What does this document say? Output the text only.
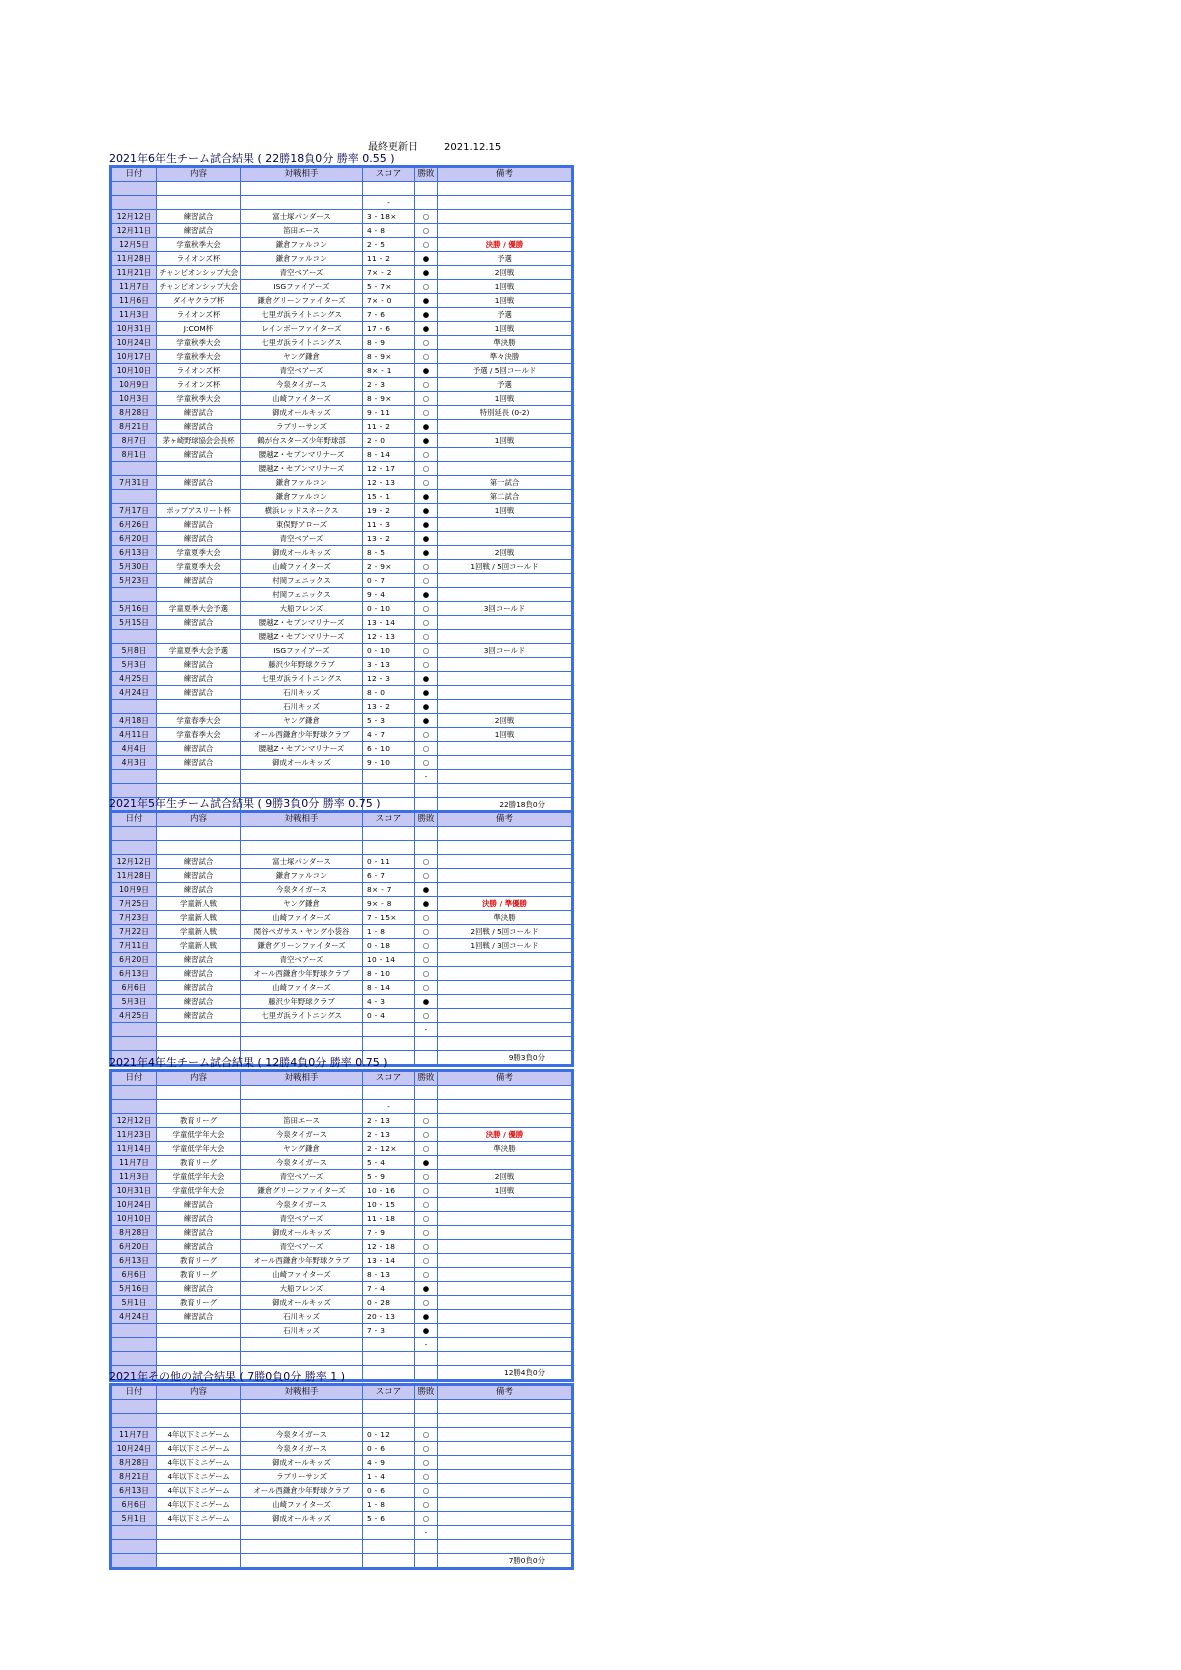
最終更新日	2021.12.15
2021年6年生チーム試合結果 ( 22勝18負0分 勝率 0.55 )
日付	内容	対戦相手	スコア	勝敗	備考

			-		
12月12日	練習試合	富士塚パンダース	3 - 18×	○	
12月11日	練習試合	笛田エース	4 - 8	○	
12月5日	学童秋季大会	鎌倉ファルコン	2 - 5	○	決勝 / 優勝
11月28日	ライオンズ杯	鎌倉ファルコン	11 - 2	●	予選
11月21日	チャンピオンシップ大会	青空ベアーズ	7× - 2	●	2回戦
11月7日	チャンピオンシップ大会	ISGファイアーズ	5 - 7×	○	1回戦
11月6日	ダイヤクラブ杯	鎌倉グリーンファイターズ	7× - 0	●	1回戦
11月3日	ライオンズ杯	七里ガ浜ライトニングス	7 - 6	●	予選
10月31日	J:COM杯	レインボーファイターズ	17 - 6	●	1回戦
10月24日	学童秋季大会	七里ガ浜ライトニングス	8 - 9	○	準決勝
10月17日	学童秋季大会	ヤング鎌倉	8 - 9×	○	準々決勝
10月10日	ライオンズ杯	青空ベアーズ	8× - 1	●	予選 / 5回コールド
10月9日	ライオンズ杯	今泉タイガース	2 - 3	○	予選
10月3日	学童秋季大会	山崎ファイターズ	8 - 9×	○	1回戦
8月28日	練習試合	御成オールキッズ	9 - 11	○	特別延長 (0-2)
8月21日	練習試合	ラブリーサンズ	11 - 2	●	
8月7日	茅ヶ崎野球協会会長杯	鶴が台スターズ少年野球部	2 - 0	●	1回戦
8月1日	練習試合	腰越Z・セブンマリナーズ	8 - 14	○	
		腰越Z・セブンマリナーズ	12 - 17	○	
7月31日	練習試合	鎌倉ファルコン	12 - 13	○	第一試合
		鎌倉ファルコン	15 - 1	●	第二試合
7月17日	ポップアスリート杯	横浜レッドスネークス	19 - 2	●	1回戦
6月26日	練習試合	東俣野アローズ	11 - 3	●	
6月20日	練習試合	青空ベアーズ	13 - 2	●	
6月13日	学童夏季大会	御成オールキッズ	8 - 5	●	2回戦
5月30日	学童夏季大会	山崎ファイターズ	2 - 9×	○	1回戦 / 5回コールド
5月23日	練習試合	村岡フェニックス	0 - 7	○	
		村岡フェニックス	9 - 4	●	
5月16日	学童夏季大会予選	大船フレンズ	0 - 10	○	3回コールド
5月15日	練習試合	腰越Z・セブンマリナーズ	13 - 14	○	
		腰越Z・セブンマリナーズ	12 - 13	○	
5月8日	学童夏季大会予選	ISGファイアーズ	0 - 10	○	3回コールド
5月3日	練習試合	藤沢少年野球クラブ	3 - 13	○	
4月25日	練習試合	七里ガ浜ライトニングス	12 - 3	●	
4月24日	練習試合	石川キッズ	8 - 0	●	
		石川キッズ	13 - 2	●	
4月18日	学童春季大会	ヤング鎌倉	5 - 3	●	2回戦
4月11日	学童春季大会	オール西鎌倉少年野球クラブ	4 - 7	○	1回戦
4月4日	練習試合	腰越Z・セブンマリナーズ	6 - 10	○	
4月3日	練習試合	御成オールキッズ	9 - 10	○	
				-	

					22勝18負0分
2021年5年生チーム試合結果 ( 9勝3負0分 勝率 0.75 )
日付	内容	対戦相手	スコア	勝敗	備考

12月12日	練習試合	富士塚パンダース	0 - 11	○	
11月28日	練習試合	鎌倉ファルコン	6 - 7	○	
10月9日	練習試合	今泉タイガース	8× - 7	●	
7月25日	学童新人戦	ヤング鎌倉	9× - 8	●	決勝 / 準優勝
7月23日	学童新人戦	山崎ファイターズ	7 - 15×	○	準決勝
7月22日	学童新人戦	関谷ペガサス・ヤング小袋谷	1 - 8	○	2回戦 / 5回コールド
7月11日	学童新人戦	鎌倉グリーンファイターズ	0 - 18	○	1回戦 / 3回コールド
6月20日	練習試合	青空ベアーズ	10 - 14	○	
6月13日	練習試合	オール西鎌倉少年野球クラブ	8 - 10	○	
6月6日	練習試合	山崎ファイターズ	8 - 14	○	
5月3日	練習試合	藤沢少年野球クラブ	4 - 3	●	
4月25日	練習試合	七里ガ浜ライトニングス	0 - 4	○	
				-	

					9勝3負0分
2021年4年生チーム試合結果 ( 12勝4負0分 勝率 0.75 )
日付	内容	対戦相手	スコア	勝敗	備考

			-		
12月12日	教育リーグ	笛田エース	2 - 13	○	
11月23日	学童低学年大会	今泉タイガース	2 - 13	○	決勝 / 優勝
11月14日	学童低学年大会	ヤング鎌倉	2 - 12×	○	準決勝
11月7日	教育リーグ	今泉タイガース	5 - 4	●	
11月3日	学童低学年大会	青空ベアーズ	5 - 9	○	2回戦
10月31日	学童低学年大会	鎌倉グリーンファイターズ	10 - 16	○	1回戦
10月24日	練習試合	今泉タイガース	10 - 15	○	
10月10日	練習試合	青空ベアーズ	11 - 18	○	
8月28日	練習試合	御成オールキッズ	7 - 9	○	
6月20日	練習試合	青空ベアーズ	12 - 18	○	
6月13日	教育リーグ	オール西鎌倉少年野球クラブ	13 - 14	○	
6月6日	教育リーグ	山崎ファイターズ	8 - 13	○	
5月16日	練習試合	大船フレンズ	7 - 4	●	
5月1日	教育リーグ	御成オールキッズ	0 - 28	○	
4月24日	練習試合	石川キッズ	20 - 13	●	
		石川キッズ	7 - 3	●	
				-	

					12勝4負0分
2021年その他の試合結果 ( 7勝0負0分 勝率 1 )
日付	内容	対戦相手	スコア	勝敗	備考

11月7日	4年以下ミニゲーム	今泉タイガース	0 - 12	○	
10月24日	4年以下ミニゲーム	今泉タイガース	0 - 6	○	
8月28日	4年以下ミニゲーム	御成オールキッズ	4 - 9	○	
8月21日	4年以下ミニゲーム	ラブリーサンズ	1 - 4	○	
6月13日	4年以下ミニゲーム	オール西鎌倉少年野球クラブ	0 - 6	○	
6月6日	4年以下ミニゲーム	山崎ファイターズ	1 - 8	○	
5月1日	4年以下ミニゲーム	御成オールキッズ	5 - 6	○	
				-	

					7勝0負0分
